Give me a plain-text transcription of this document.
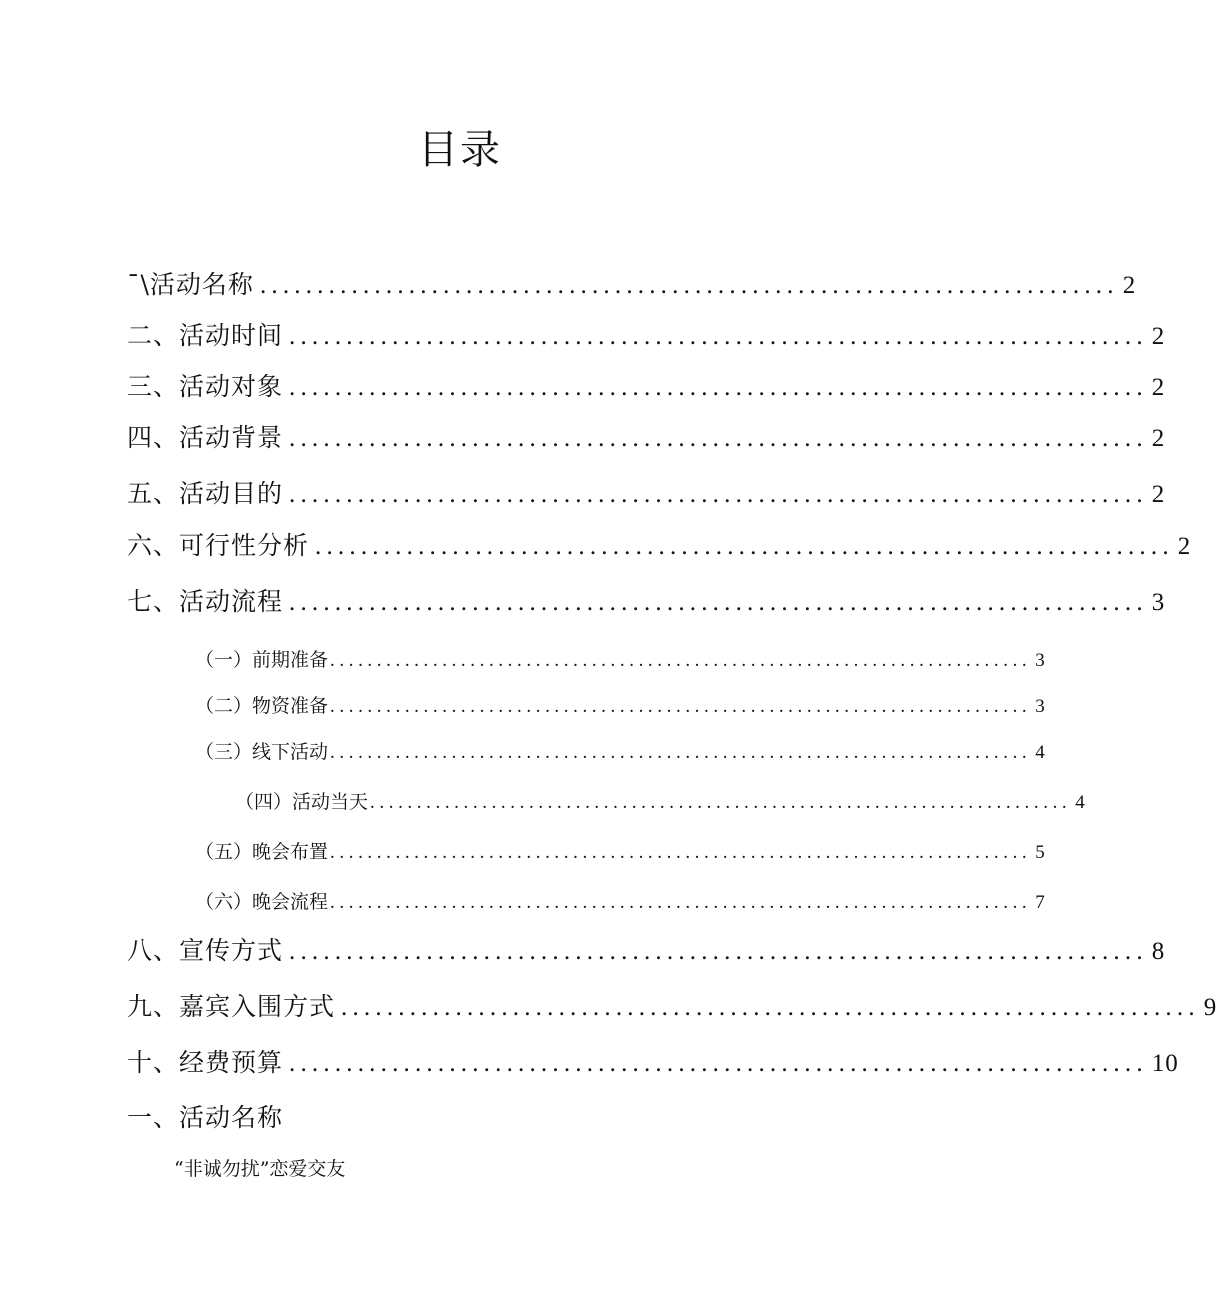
目录
¯\活动名称 ........................................................................... 2
二、活动时间 ........................................................................... 2
三、活动对象 ........................................................................... 2
四、活动背景 ........................................................................... 2
五、活动目的 ........................................................................... 2
六、可行性分析 ........................................................................... 2
七、活动流程 ........................................................................... 3
（一）前期准备 ........................................................................... 3
（二）物资准备 ........................................................................... 3
（三）线下活动 ........................................................................... 4
（四）活动当天 ........................................................................... 4
（五）晚会布置 ........................................................................... 5
（六）晚会流程 ........................................................................... 7
八、宣传方式 ........................................................................... 8
九、嘉宾入围方式 ........................................................................... 9
十、经费预算 ........................................................................... 10
一、活动名称
“非诚勿扰”恋爱交友
